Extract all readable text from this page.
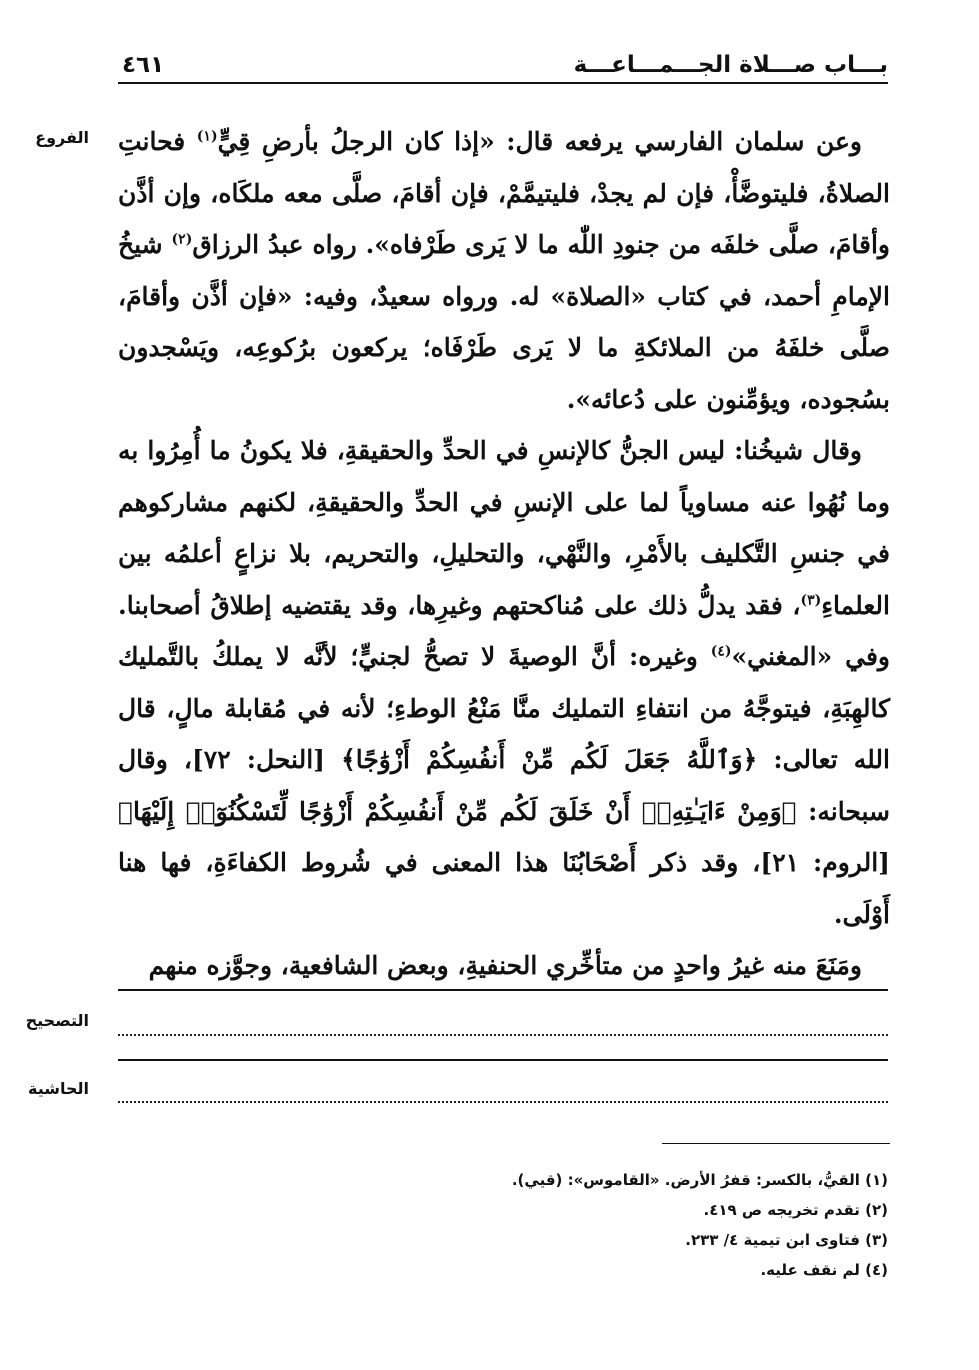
بـــاب صـــلاة الجـــمـــاعـــة
٤٦١
الفروع	وعن سلمان الفارسي يرفعه قال: «إذا كان الرجلُ بأرضِ قِيٍّ$^{(١)}$ فحانتِ الصلاةُ، فليتوضَّأْ، فإن لم يجدْ، فليتيمَّمْ، فإن أقامَ، صلَّى معه ملكَاه، وإن أذَّن وأقامَ، صلَّى خلفَه من جنودِ اللّٰه ما لا يَرى طَرْفاه». رواه عبدُ الرزاق$^{(٢)}$ شيخُ الإمامِ أحمد، في كتاب «الصلاة» له. ورواه سعيدٌ، وفيه: «فإن أذَّن وأقامَ، صلَّى خلفَهُ من الملائكةِ ما لا يَرى طَرْفَاه؛ يركعون برُكوعِه، ويَسْجدون بسُجوده، ويؤمِّنون على دُعائه».

وقال شيخُنا: ليس الجنُّ كالإنسِ في الحدِّ والحقيقةِ، فلا يكونُ ما أُمِرُوا به وما نُهُوا عنه مساوياً لما على الإنسِ في الحدِّ والحقيقةِ، لكنهم مشاركوهم في جنسِ التَّكليف بالأَمْرِ، والنَّهْي، والتحليلِ، والتحريم، بلا نزاعٍ أعلمُه بين العلماءِ$^{(٣)}$، فقد يدلُّ ذلك على مُناكحتهم وغيرِها، وقد يقتضيه إطلاقُ أصحابنا. وفي «المغني»$^{(٤)}$ وغيره: أنَّ الوصيةَ لا تصحُّ لجنيٍّ؛ لأنَّه لا يملكُ بالتَّمليك كالهِبَةِ، فيتوجَّهُ من انتفاءِ التمليك منَّا مَنْعُ الوطءِ؛ لأنه في مُقابلة مالٍ، قال الله تعالى: ﴿وَٱللَّهُ جَعَلَ لَكُم مِّنْ أَنفُسِكُمْ أَزْوَٰجًا﴾ [النحل: ٧٢]، وقال سبحانه: ﴿وَمِنْ ءَايَـٰتِهِۦٓ أَنْ خَلَقَ لَكُم مِّنْ أَنفُسِكُمْ أَزْوَٰجًا لِّتَسْكُنُوٓا۟ إِلَيْهَا﴾ [الروم: ٢١]، وقد ذكر أَصْحَابُنَا هذا المعنى في شُروط الكفاءَةِ، فها هنا أَوْلَى.

ومَنَعَ منه غيرُ واحدٍ من متأخِّري الحنفيةِ، وبعض الشافعية، وجوَّزه منهم

التصحيح
الحاشية
(١) القيُّ، بالكسر: قفرُ الأرض. «القاموس»: (قيي).
(٢) تقدم تخريجه ص ٤١٩.
(٣) فتاوى ابن تيمية ٤/ ٢٣٣.
(٤) لم نقف عليه.
